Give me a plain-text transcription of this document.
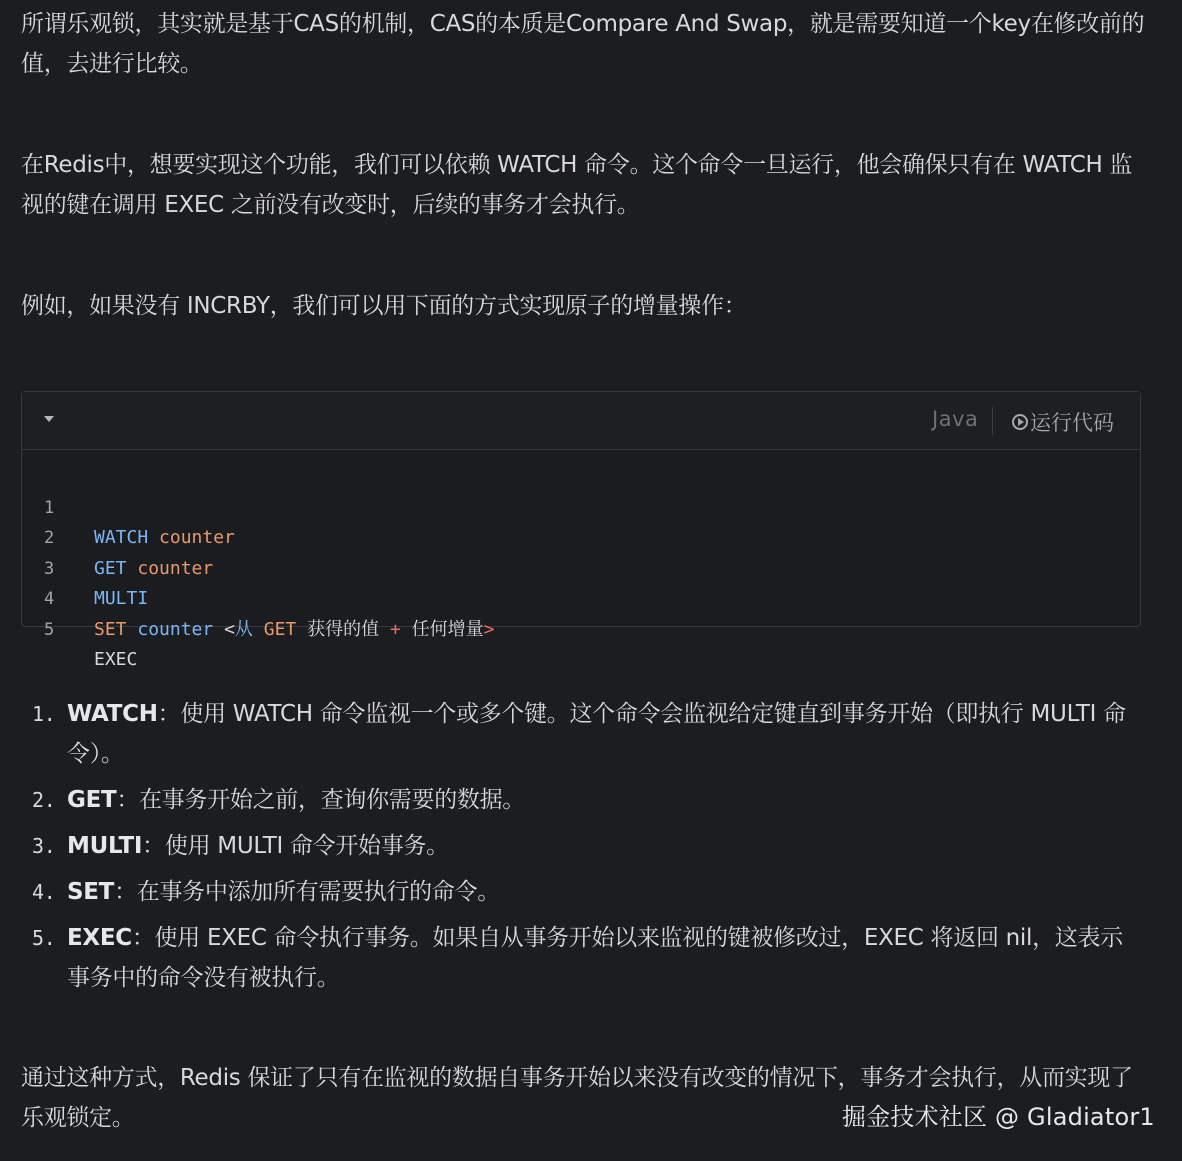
所谓乐观锁，其实就是基于CAS的机制，CAS的本质是Compare And Swap，就是需要知道一个key在修改前的值，去进行比较。

在Redis中，想要实现这个功能，我们可以依赖 WATCH 命令。这个命令一旦运行，他会确保只有在 WATCH 监视的键在调用 EXEC 之前没有改变时，后续的事务才会执行。

例如，如果没有 INCRBY，我们可以用下面的方式实现原子的增量操作：

Java 运行代码

1

WATCH counter

2

GET counter

3

MULTI

4

SET counter <从 GET 获得的值 + 任何增量>

5

EXEC

1. WATCH：使用 WATCH 命令监视一个或多个键。这个命令会监视给定键直到事务开始（即执行 MULTI 命令）。
2. GET：在事务开始之前，查询你需要的数据。
3. MULTI：使用 MULTI 命令开始事务。
4. SET：在事务中添加所有需要执行的命令。
5. EXEC：使用 EXEC 命令执行事务。如果自从事务开始以来监视的键被修改过，EXEC 将返回 nil，这表示事务中的命令没有被执行。

通过这种方式，Redis 保证了只有在监视的数据自事务开始以来没有改变的情况下，事务才会执行，从而实现了乐观锁定。	掘金技术社区 @ Gladiator1
